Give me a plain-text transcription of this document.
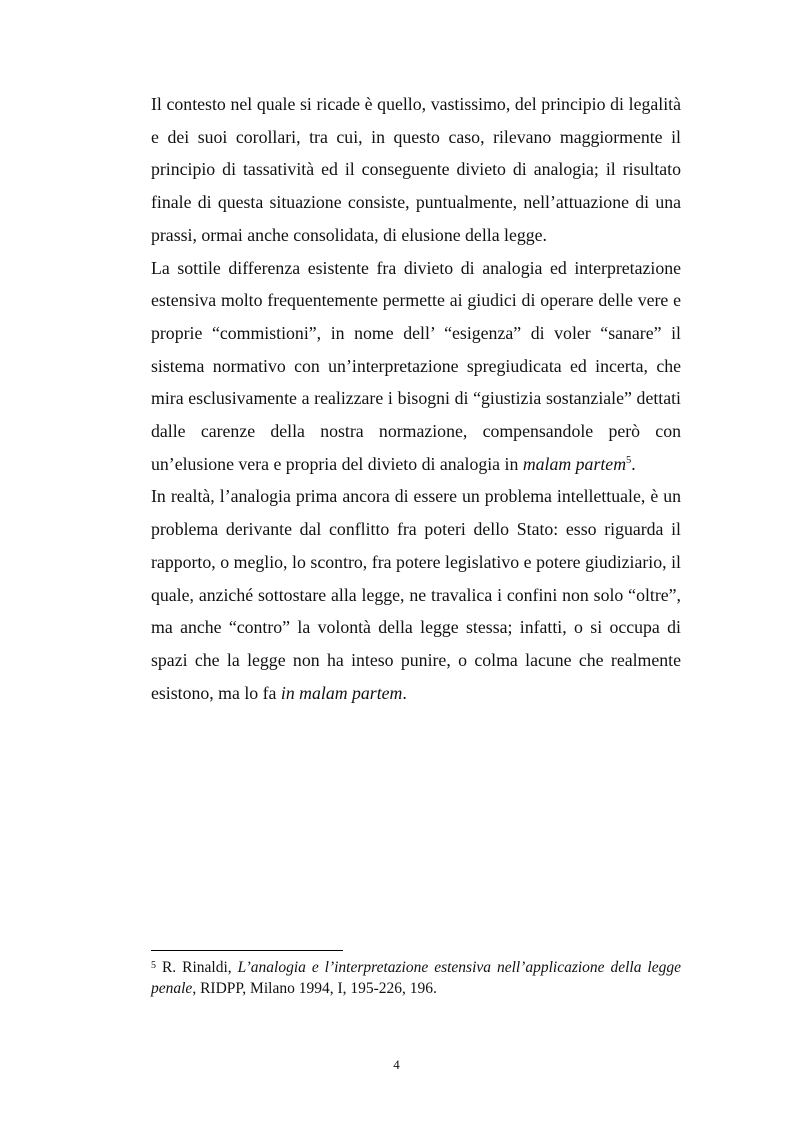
Il contesto nel quale si ricade è quello, vastissimo, del principio di legalità e dei suoi corollari, tra cui, in questo caso, rilevano maggiormente il principio di tassatività ed il conseguente divieto di analogia; il risultato finale di questa situazione consiste, puntualmente, nell’attuazione di una prassi, ormai anche consolidata, di elusione della legge.

La sottile differenza esistente fra divieto di analogia ed interpretazione estensiva molto frequentemente permette ai giudici di operare delle vere e proprie “commistioni”, in nome dell’ “esigenza” di voler “sanare” il sistema normativo con un’interpretazione spregiudicata ed incerta, che mira esclusivamente a realizzare i bisogni di “giustizia sostanziale” dettati dalle carenze della nostra normazione, compensandole però con un’elusione vera e propria del divieto di analogia in malam partem$^5$.

In realtà, l’analogia prima ancora di essere un problema intellettuale, è un problema derivante dal conflitto fra poteri dello Stato: esso riguarda il rapporto, o meglio, lo scontro, fra potere legislativo e potere giudiziario, il quale, anziché sottostare alla legge, ne travalica i confini non solo “oltre”, ma anche “contro” la volontà della legge stessa; infatti, o si occupa di spazi che la legge non ha inteso punire, o colma lacune che realmente esistono, ma lo fa in malam partem.

$^5$ R. Rinaldi, L’analogia e l’interpretazione estensiva nell’applicazione della legge penale, RIDPP, Milano 1994, I, 195-226, 196.

4
